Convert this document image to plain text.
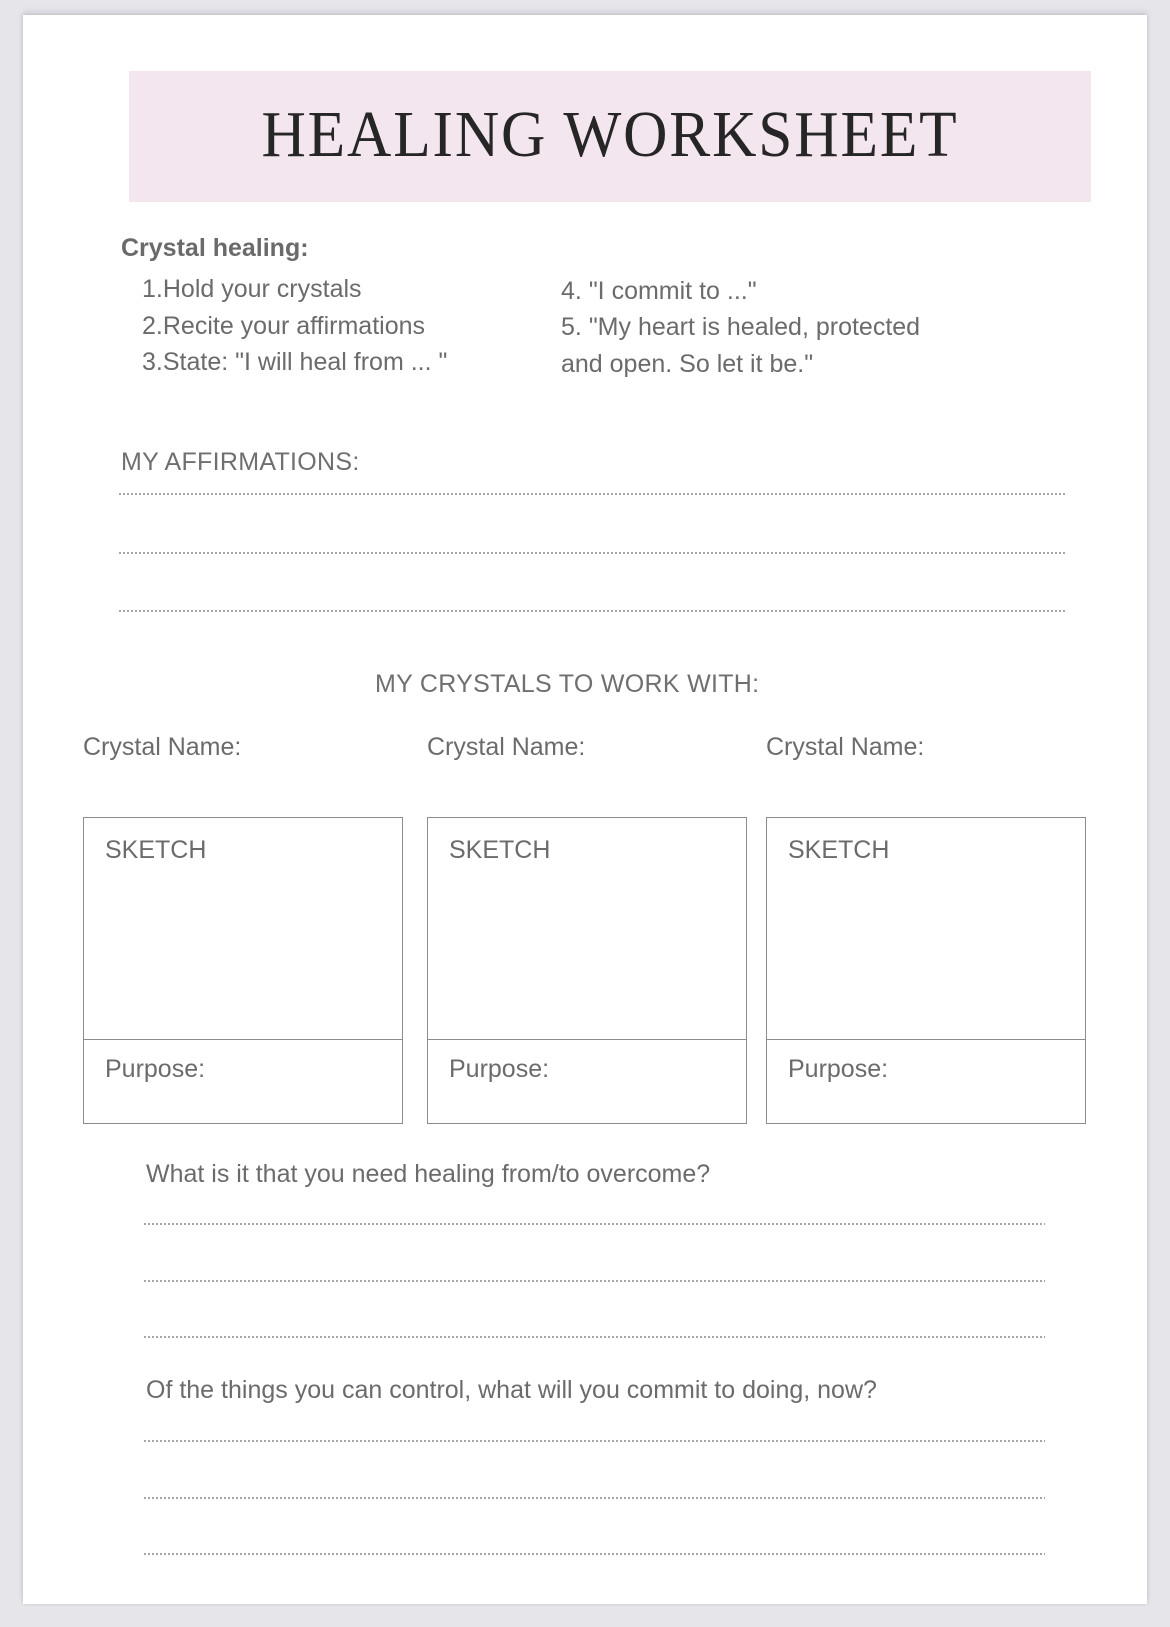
HEALING WORKSHEET
Crystal healing:
1.Hold your crystals
2.Recite your affirmations
3.State: "I will heal from ... "
4. "I commit to ..."
5. "My heart is healed, protected and open. So let it be."
MY AFFIRMATIONS:
MY CRYSTALS TO WORK WITH:
Crystal Name:	Crystal Name:	Crystal Name:
SKETCH
Purpose:
SKETCH
Purpose:
SKETCH
Purpose:
What is it that you need healing from/to overcome?
Of the things you can control, what will you commit to doing, now?
